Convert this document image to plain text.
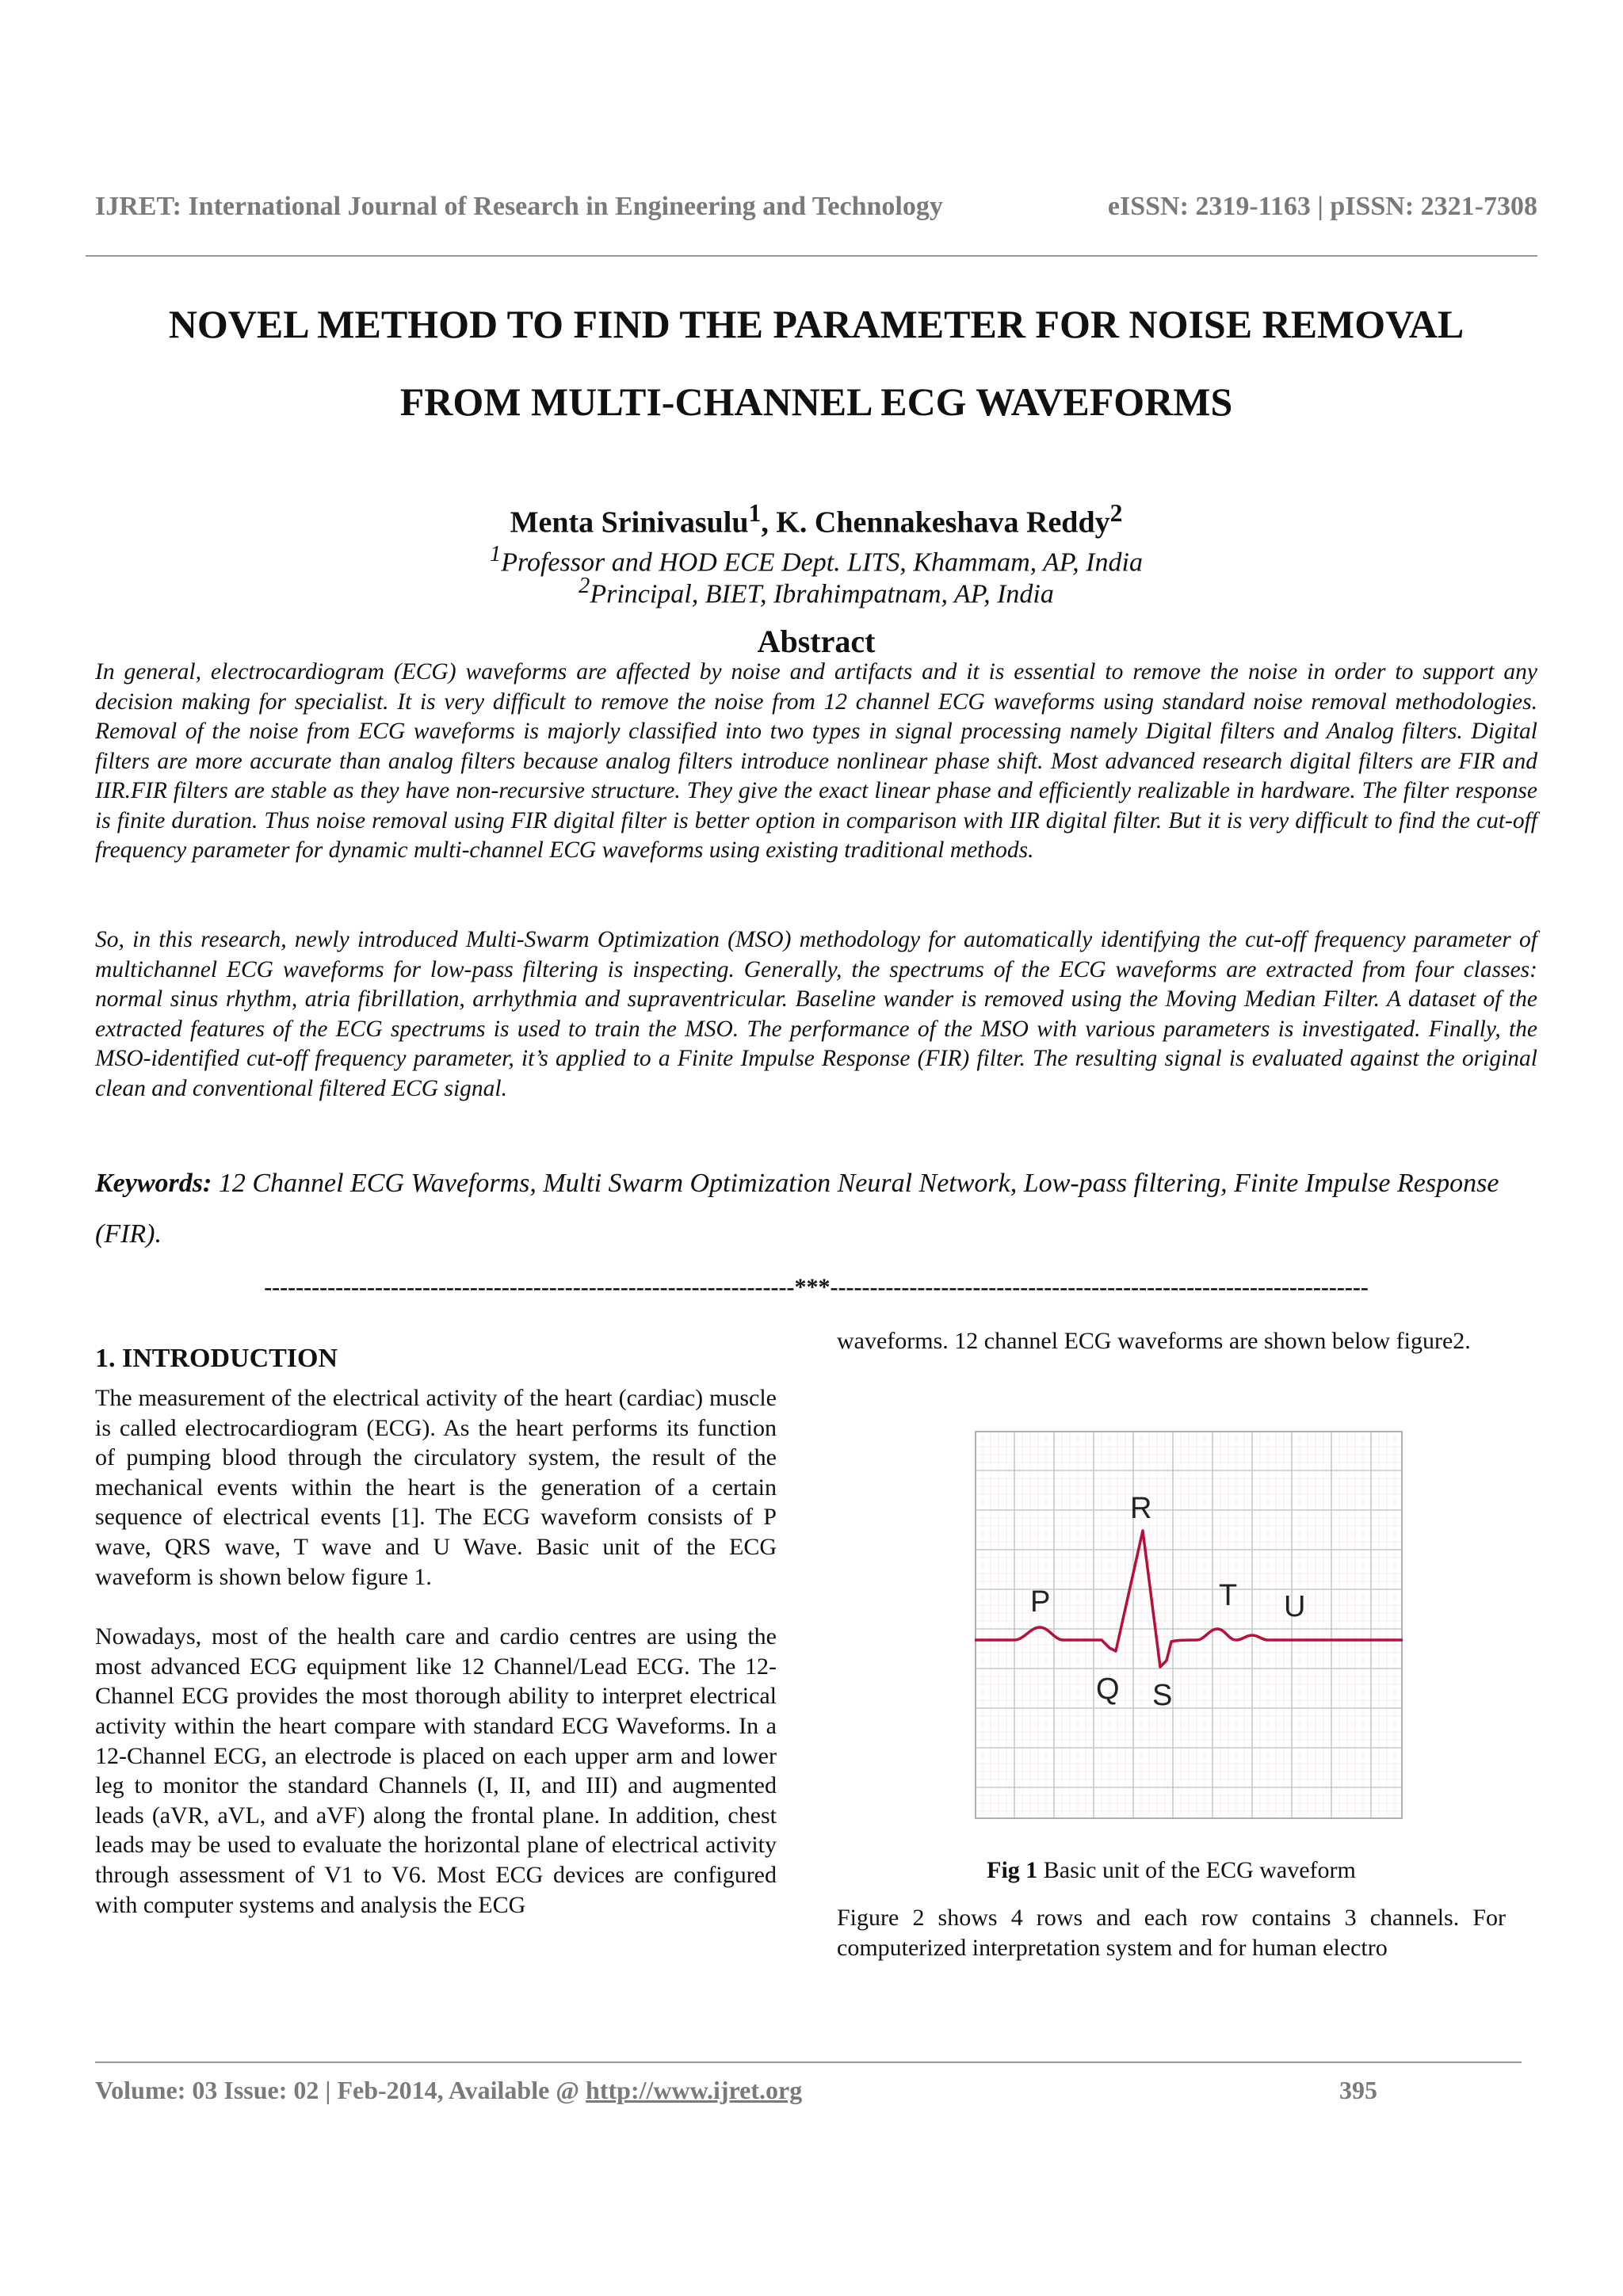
IJRET: International Journal of Research in Engineering and Technology	eISSN: 2319-1163 | pISSN: 2321-7308
NOVEL METHOD TO FIND THE PARAMETER FOR NOISE REMOVAL
FROM MULTI-CHANNEL ECG WAVEFORMS
Menta Srinivasulu$^1$, K. Chennakeshava Reddy$^2$
$^1$Professor and HOD ECE Dept. LITS, Khammam, AP, India
$^2$Principal, BIET, Ibrahimpatnam, AP, India
Abstract

In general, electrocardiogram (ECG) waveforms are affected by noise and artifacts and it is essential to remove the noise in order to support any decision making for specialist. It is very difficult to remove the noise from 12 channel ECG waveforms using standard noise removal methodologies. Removal of the noise from ECG waveforms is majorly classified into two types in signal processing namely Digital filters and Analog filters. Digital filters are more accurate than analog filters because analog filters introduce nonlinear phase shift. Most advanced research digital filters are FIR and IIR.FIR filters are stable as they have non-recursive structure. They give the exact linear phase and efficiently realizable in hardware. The filter response is finite duration. Thus noise removal using FIR digital filter is better option in comparison with IIR digital filter. But it is very difficult to find the cut-off frequency parameter for dynamic multi-channel ECG waveforms using existing traditional methods.

So, in this research, newly introduced Multi-Swarm Optimization (MSO) methodology for automatically identifying the cut-off frequency parameter of multichannel ECG waveforms for low-pass filtering is inspecting. Generally, the spectrums of the ECG waveforms are extracted from four classes: normal sinus rhythm, atria fibrillation, arrhythmia and supraventricular. Baseline wander is removed using the Moving Median Filter. A dataset of the extracted features of the ECG spectrums is used to train the MSO. The performance of the MSO with various parameters is investigated. Finally, the MSO-identified cut-off frequency parameter, it’s applied to a Finite Impulse Response (FIR) filter. The resulting signal is evaluated against the original clean and conventional filtered ECG signal.

Keywords: 12 Channel ECG Waveforms, Multi Swarm Optimization Neural Network, Low-pass filtering, Finite Impulse Response (FIR).
-------------------------------------------------------------------***--------------------------------------------------------------------
1. INTRODUCTION

The measurement of the electrical activity of the heart (cardiac) muscle is called electrocardiogram (ECG). As the heart performs its function of pumping blood through the circulatory system, the result of the mechanical events within the heart is the generation of a certain sequence of electrical events [1]. The ECG waveform consists of P wave, QRS wave, T wave and U Wave. Basic unit of the ECG waveform is shown below figure 1.

Nowadays, most of the health care and cardio centres are using the most advanced ECG equipment like 12 Channel/Lead ECG. The 12-Channel ECG provides the most thorough ability to interpret electrical activity within the heart compare with standard ECG Waveforms. In a 12-Channel ECG, an electrode is placed on each upper arm and lower leg to monitor the standard Channels (I, II, and III) and augmented leads (aVR, aVL, and aVF) along the frontal plane. In addition, chest leads may be used to evaluate the horizontal plane of electrical activity through assessment of V1 to V6. Most ECG devices are configured with computer systems and analysis the ECG

waveforms. 12 channel ECG waveforms are shown below figure2.

P
R
Q S
T U
Fig 1 Basic unit of the ECG waveform

Figure 2 shows 4 rows and each row contains 3 channels. For computerized interpretation system and for human electro

Volume: 03 Issue: 02 | Feb-2014, Available @ http://www.ijret.org	395
